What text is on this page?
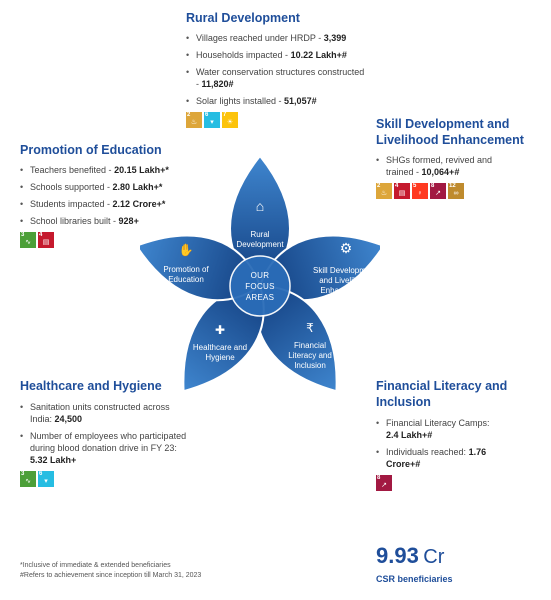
Rural Development
• Villages reached under HRDP - 3,399
• Households impacted - 10.22 Lakh+#
• Water conservation structures constructed - 11,820#
• Solar lights installed - 51,057#
2
♨
6
▾
7
☀	Skill Development and Livelihood Enhancement
• SHGs formed, revived and trained - 10,064+#
2
♨
4
▤
5
♀
8
↗
12
∞
Promotion of Education
• Teachers benefited - 20.15 Lakh+*
• Schools supported - 2.80 Lakh+*
• Students impacted - 2.12 Crore+*
• School libraries built - 928+
3
∿
4
▤
Healthcare and Hygiene
• Sanitation units constructed across India: 24,500
• Number of employees who participated during blood donation drive in FY 23: 5.32 Lakh+
3
∿
6
▾
Financial Literacy and Inclusion
• Financial Literacy Camps: 2.4 Lakh+#
• Individuals reached: 1.76 Crore+#
8
↗
OUR
FOCUS
AREAS
⌂
Rural Development	⚙
Skill Development and Livelihood Enhancement
₹
Financial Literacy and Inclusion
✚
Healthcare and Hygiene
✋
Promotion of Education
*Inclusive of immediate & extended beneficiaries
#Refers to achievement since inception till March 31, 2023
9.93 Cr
CSR beneficiaries
